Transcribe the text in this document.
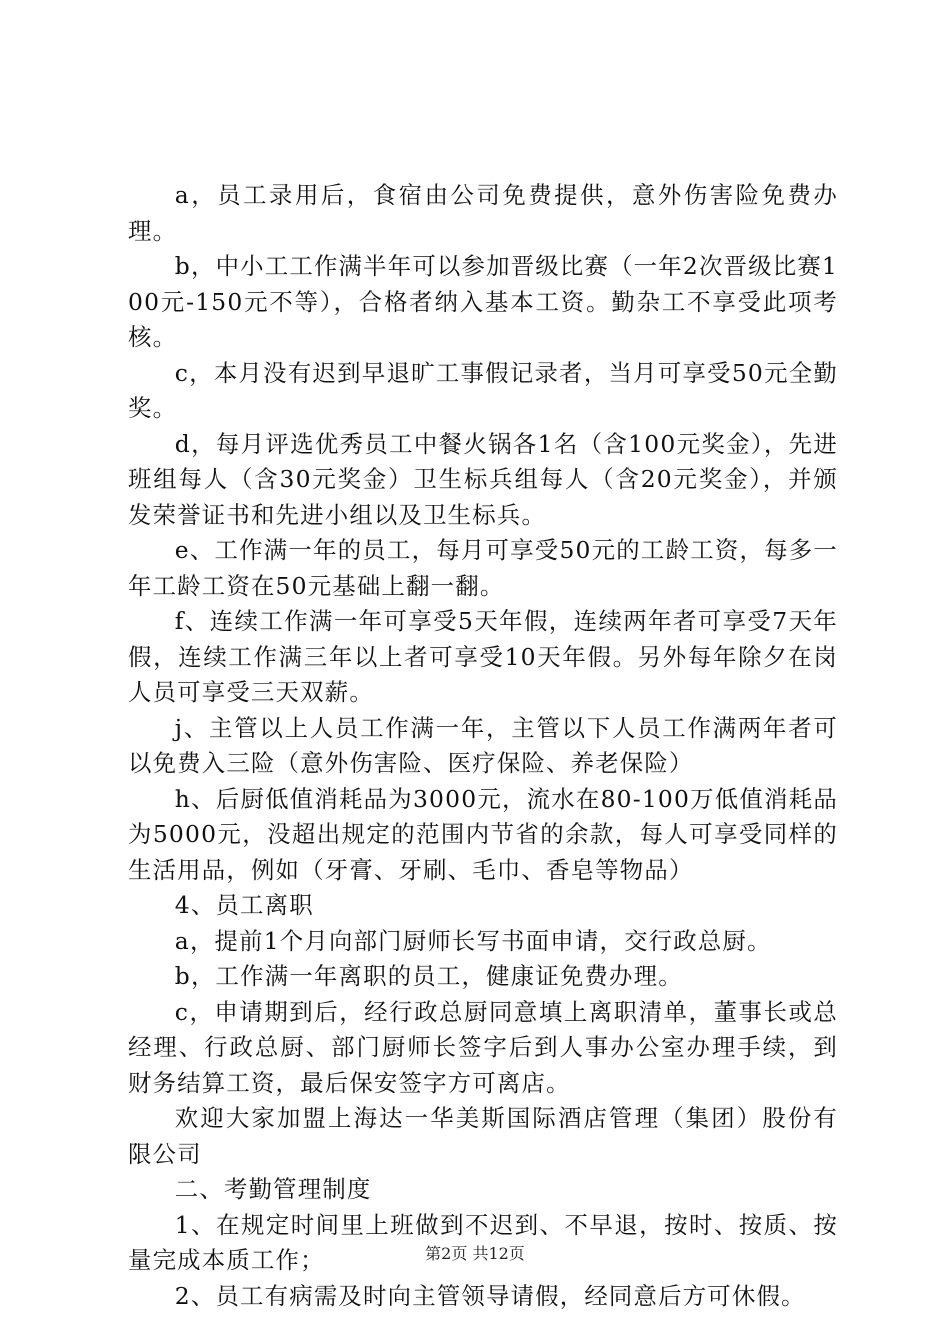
a，员工录用后，食宿由公司免费提供，意外伤害险免费办理。

b，中小工工作满半年可以参加晋级比赛（一年2次晋级比赛100元-150元不等），合格者纳入基本工资。勤杂工不享受此项考核。

c，本月没有迟到早退旷工事假记录者，当月可享受50元全勤奖。

d，每月评选优秀员工中餐火锅各1名（含100元奖金），先进班组每人（含30元奖金）卫生标兵组每人（含20元奖金），并颁发荣誉证书和先进小组以及卫生标兵。

e、工作满一年的员工，每月可享受50元的工龄工资，每多一年工龄工资在50元基础上翻一翻。

f、连续工作满一年可享受5天年假，连续两年者可享受7天年假，连续工作满三年以上者可享受10天年假。另外每年除夕在岗人员可享受三天双薪。

j、主管以上人员工作满一年，主管以下人员工作满两年者可以免费入三险（意外伤害险、医疗保险、养老保险）

h、后厨低值消耗品为3000元，流水在80-100万低值消耗品为5000元，没超出规定的范围内节省的余款，每人可享受同样的生活用品，例如（牙膏、牙刷、毛巾、香皂等物品）

4、员工离职

a，提前1个月向部门厨师长写书面申请，交行政总厨。

b，工作满一年离职的员工，健康证免费办理。

c，申请期到后，经行政总厨同意填上离职清单，董事长或总经理、行政总厨、部门厨师长签字后到人事办公室办理手续，到财务结算工资，最后保安签字方可离店。

欢迎大家加盟上海达一华美斯国际酒店管理（集团）股份有限公司

二、考勤管理制度

1、在规定时间里上班做到不迟到、不早退，按时、按质、按量完成本质工作；

2、员工有病需及时向主管领导请假，经同意后方可休假。

第2页 共12页
